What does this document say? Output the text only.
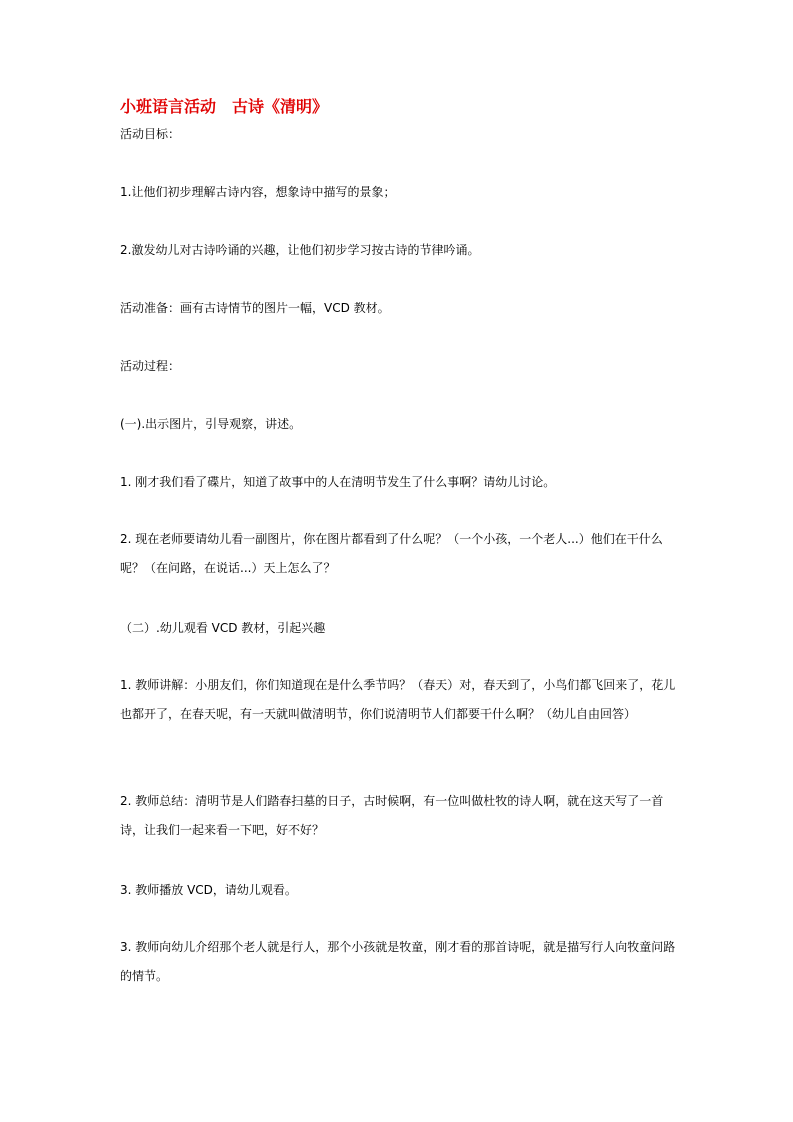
小班语言活动　古诗《清明》
活动目标：
1.让他们初步理解古诗内容，想象诗中描写的景象；
2.激发幼儿对古诗吟诵的兴趣，让他们初步学习按古诗的节律吟诵。
活动准备：画有古诗情节的图片一幅，VCD 教材。
活动过程：
(一).出示图片，引导观察，讲述。
1. 刚才我们看了碟片，知道了故事中的人在清明节发生了什么事啊？请幼儿讨论。
2. 现在老师要请幼儿看一副图片，你在图片都看到了什么呢？（一个小孩，一个老人...）他们在干什么呢？（在问路，在说话...）天上怎么了？
（二）.幼儿观看 VCD 教材，引起兴趣
1. 教师讲解：小朋友们，你们知道现在是什么季节吗？（春天）对，春天到了，小鸟们都飞回来了，花儿也都开了，在春天呢，有一天就叫做清明节，你们说清明节人们都要干什么啊？（幼儿自由回答）
2. 教师总结：清明节是人们踏春扫墓的日子，古时候啊，有一位叫做杜牧的诗人啊，就在这天写了一首诗，让我们一起来看一下吧，好不好？
3. 教师播放 VCD，请幼儿观看。
3. 教师向幼儿介绍那个老人就是行人，那个小孩就是牧童，刚才看的那首诗呢，就是描写行人向牧童问路的情节。
